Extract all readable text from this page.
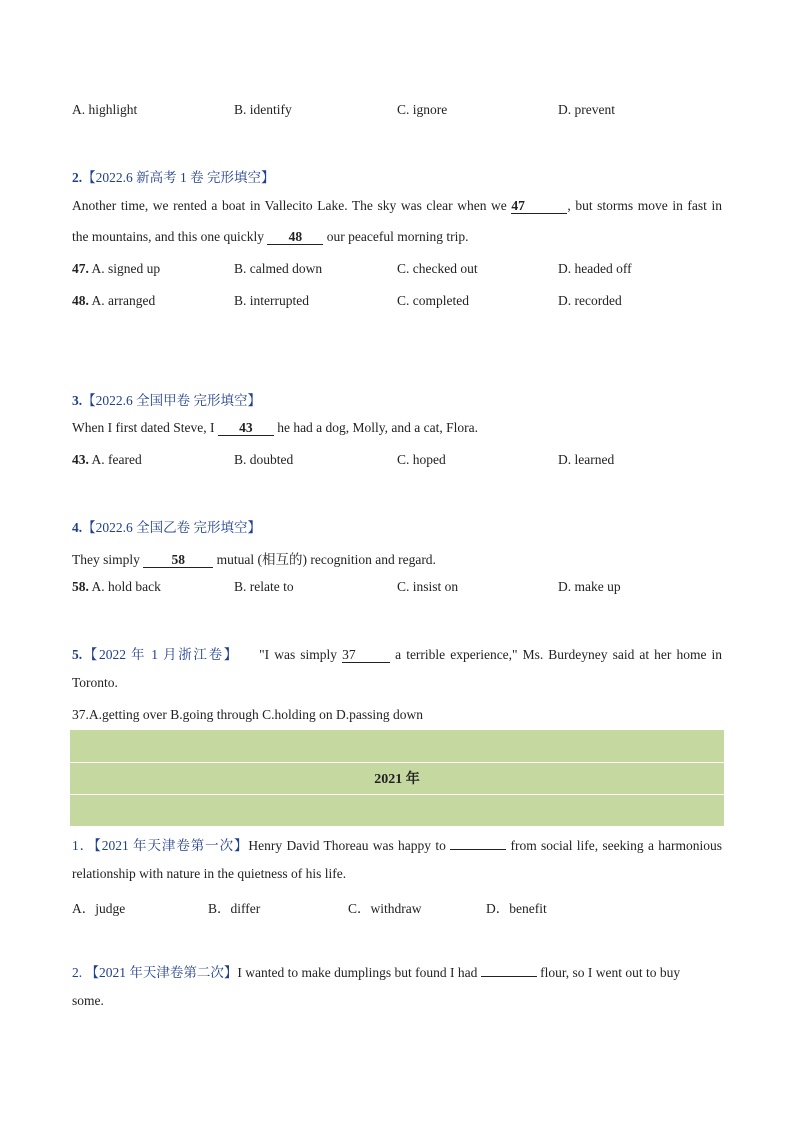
A. highlight	B. identify	C. ignore	D. prevent
2.【2022.6 新高考 1 卷 完形填空】
Another time, we rented a boat in Vallecito Lake. The sky was clear when we 47	, but storms move in fast in
the mountains, and this one quickly 48 our peaceful morning trip.
47. A. signed up	B. calmed down	C. checked out	D. headed off
48. A. arranged	B. interrupted	C. completed	D. recorded
3.【2022.6 全国甲卷 完形填空】
When I first dated Steve, I 43 he had a dog, Molly, and a cat, Flora.
43. A. feared	B. doubted	C. hoped	D. learned
4.【2022.6 全国乙卷 完形填空】
They simply 58 mutual (相互的) recognition and regard.
58. A. hold back	B. relate to	C. insist on	D. make up
5.【2022 年 1 月浙江卷】 "I was simply 37	a terrible experience," Ms. Burdeyney said at her home in
Toronto.
37.A.getting over B.going through C.holding on D.passing down
2021 年
1．【2021 年天津卷第一次】Henry David Thoreau was happy to	from social life, seeking a harmonious
relationship with nature in the quietness of his life.
A．judge	B．differ	C．withdraw	D．benefit
2. 【2021 年天津卷第二次】I wanted to make dumplings but found I had	flour, so I went out to buy
some.
